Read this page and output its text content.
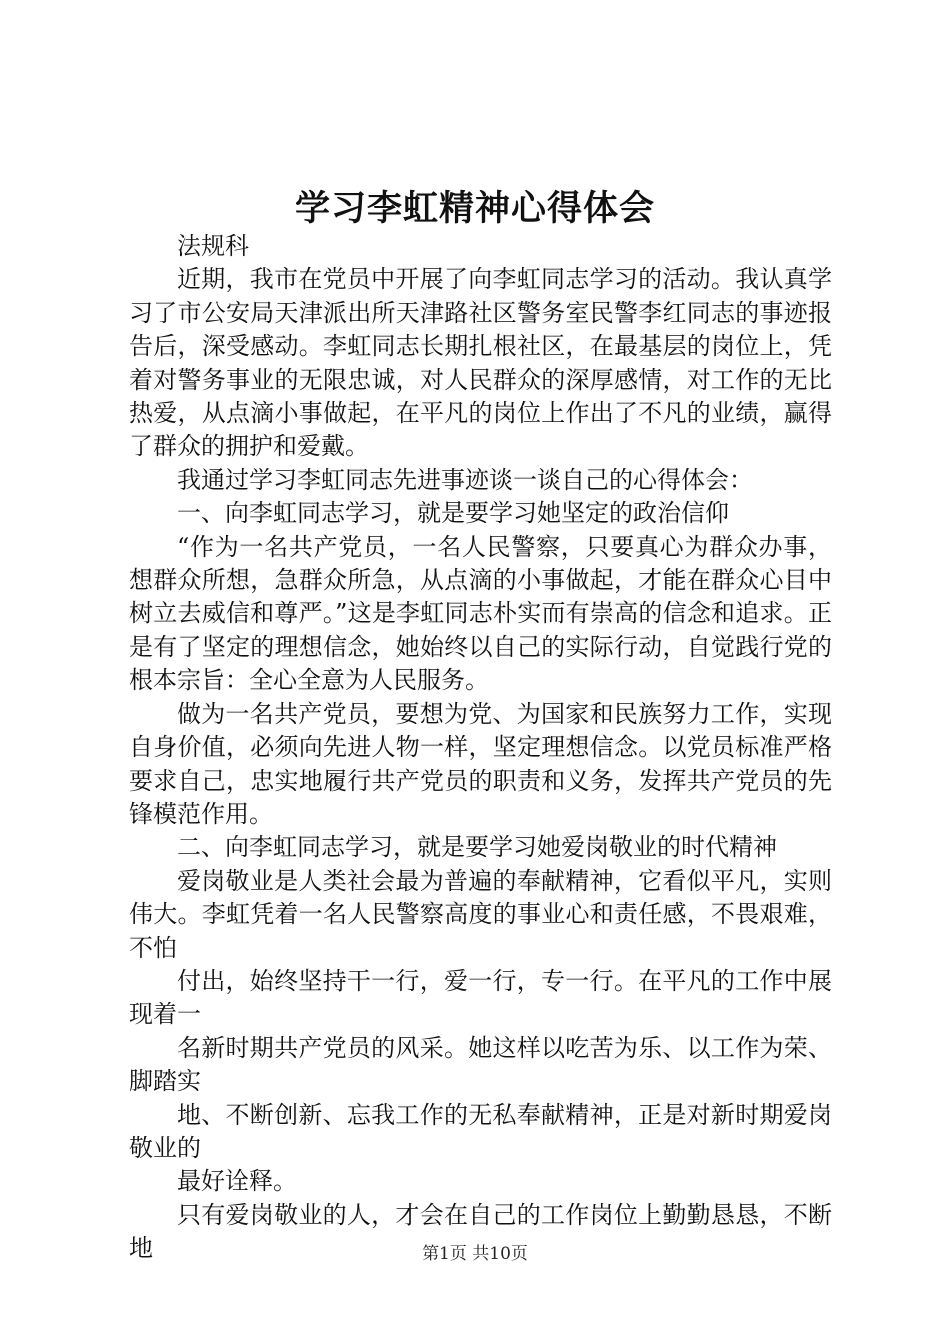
学习李虹精神心得体会

法规科

近期，我市在党员中开展了向李虹同志学习的活动。我认真学习了市公安局天津派出所天津路社区警务室民警李红同志的事迹报告后，深受感动。李虹同志长期扎根社区，在最基层的岗位上，凭着对警务事业的无限忠诚，对人民群众的深厚感情，对工作的无比热爱，从点滴小事做起，在平凡的岗位上作出了不凡的业绩，赢得了群众的拥护和爱戴。

我通过学习李虹同志先进事迹谈一谈自己的心得体会：

一、向李虹同志学习，就是要学习她坚定的政治信仰

“作为一名共产党员，一名人民警察，只要真心为群众办事，想群众所想，急群众所急，从点滴的小事做起，才能在群众心目中树立去威信和尊严。”这是李虹同志朴实而有崇高的信念和追求。正是有了坚定的理想信念，她始终以自己的实际行动，自觉践行党的根本宗旨：全心全意为人民服务。

做为一名共产党员，要想为党、为国家和民族努力工作，实现自身价值，必须向先进人物一样，坚定理想信念。以党员标准严格要求自己，忠实地履行共产党员的职责和义务，发挥共产党员的先锋模范作用。

二、向李虹同志学习，就是要学习她爱岗敬业的时代精神

爱岗敬业是人类社会最为普遍的奉献精神，它看似平凡，实则伟大。李虹凭着一名人民警察高度的事业心和责任感，不畏艰难，不怕

付出，始终坚持干一行，爱一行，专一行。在平凡的工作中展现着一

名新时期共产党员的风采。她这样以吃苦为乐、以工作为荣、脚踏实

地、不断创新、忘我工作的无私奉献精神，正是对新时期爱岗敬业的

最好诠释。

只有爱岗敬业的人，才会在自己的工作岗位上勤勤恳恳，不断地	第1页 共10页
